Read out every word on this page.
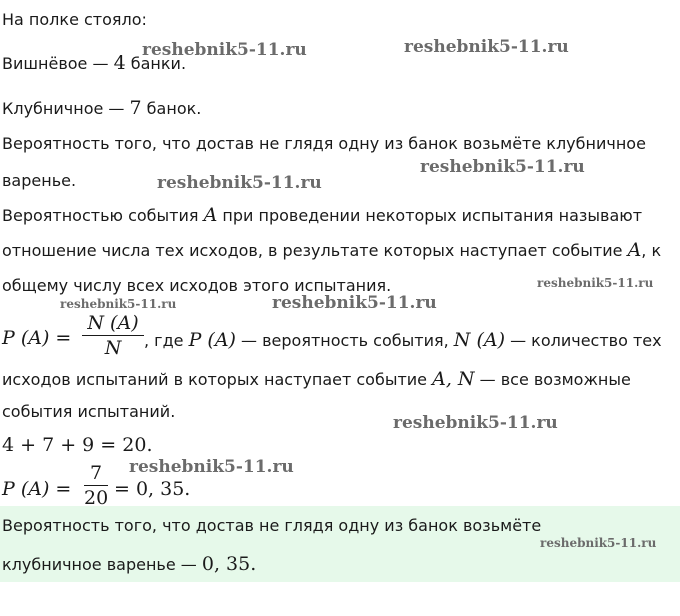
На полке стояло:
Вишнёвое — 4 банки.
Клубничное — 7 банок.
Вероятность того, что достав не глядя одну из банок возьмёте клубничное
варенье.
Вероятностью события A при проведении некоторых испытания называют
отношение числа тех исходов, в результате которых наступает событие A, к
общему числу всех исходов этого испытания.
P (A) =
N (A)
N	, где P (A) — вероятность события, N (A) — количество тех
исходов испытаний в которых наступает событие A, N — все возможные
события испытаний.
4 + 7 + 9 = 20.
P (A) =
7
20 = 0, 35.
Вероятность того, что достав не глядя одну из банок возьмёте
клубничное варенье — 0, 35.
reshebnik5-11.ru	reshebnik5-11.ru
reshebnik5-11.ru
reshebnik5-11.ru
reshebnik5-11.ru
reshebnik5-11.ru	reshebnik5-11.ru
reshebnik5-11.ru
reshebnik5-11.ru
reshebnik5-11.ru
